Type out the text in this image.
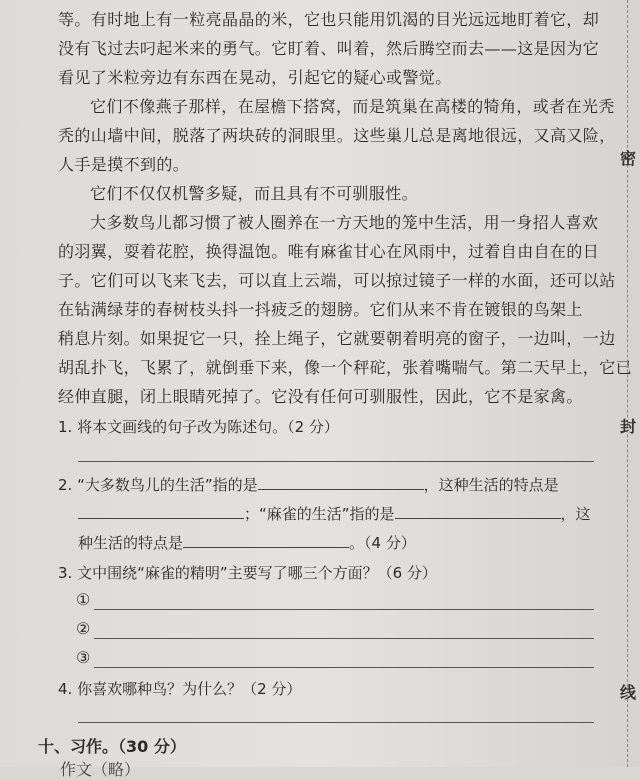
等。有时地上有一粒亮晶晶的米，它也只能用饥渴的目光远远地盯着它，却
没有飞过去叼起米来的勇气。它盯着、叫着，然后腾空而去——这是因为它
看见了米粒旁边有东西在晃动，引起它的疑心或警觉。
它们不像燕子那样，在屋檐下搭窝，而是筑巢在高楼的犄角，或者在光秃
秃的山墙中间，脱落了两块砖的洞眼里。这些巢儿总是离地很远，又高又险，
人手是摸不到的。
它们不仅仅机警多疑，而且具有不可驯服性。
大多数鸟儿都习惯了被人圈养在一方天地的笼中生活，用一身招人喜欢
的羽翼，耍着花腔，换得温饱。唯有麻雀甘心在风雨中，过着自由自在的日
子。它们可以飞来飞去，可以直上云端，可以掠过镜子一样的水面，还可以站
在钻满绿芽的春树枝头抖一抖疲乏的翅膀。它们从来不肯在镀银的鸟架上
稍息片刻。如果捉它一只，拴上绳子，它就要朝着明亮的窗子，一边叫，一边
胡乱扑飞，飞累了，就倒垂下来，像一个秤砣，张着嘴喘气。第二天早上，它已
经伸直腿，闭上眼睛死掉了。它没有任何可驯服性，因此，它不是家禽。
1. 将本文画线的句子改为陈述句。（2 分）
2. “大多数鸟儿的生活”指的是	，这种生活的特点是
；“麻雀的生活”指的是	，这
种生活的特点是	。（4 分）
3. 文中围绕“麻雀的精明”主要写了哪三个方面？（6 分）
①
②
③
4. 你喜欢哪种鸟？为什么？（2 分）
十、习作。（30 分）
作文（略）
密
封
线
